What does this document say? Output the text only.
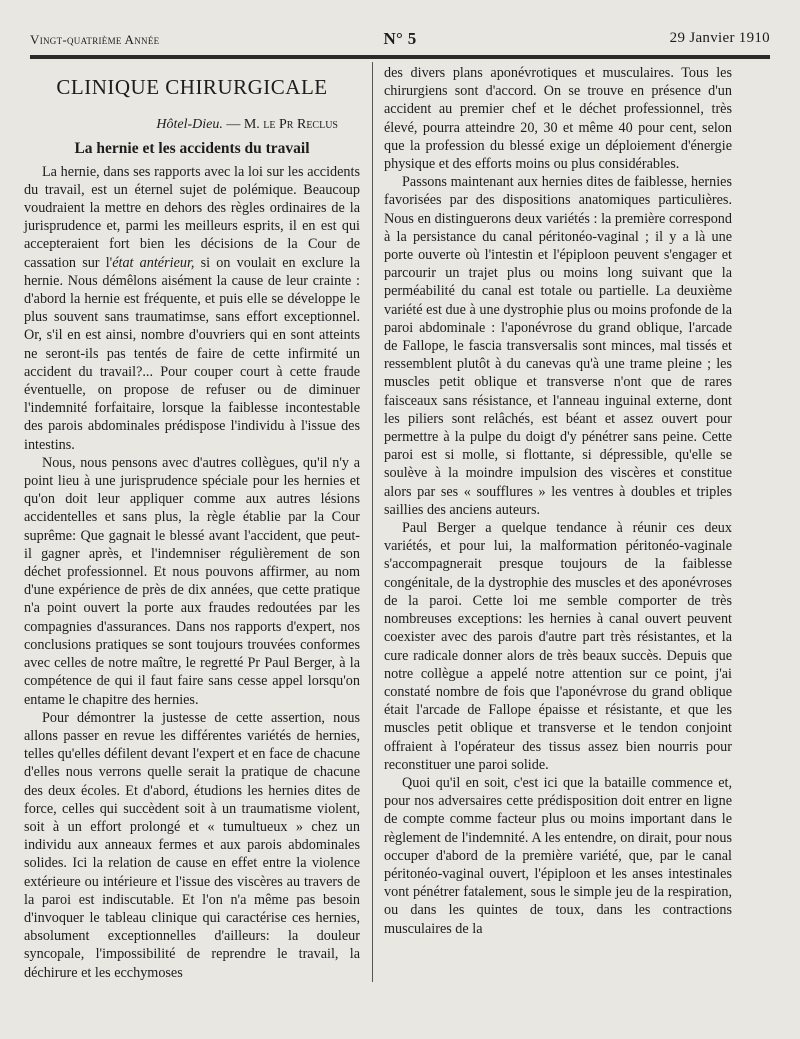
Vingt-quatrième Année	N° 5	29 Janvier 1910
CLINIQUE CHIRURGICALE
Hôtel-Dieu. — M. le Pr Reclus
La hernie et les accidents du travail

La hernie, dans ses rapports avec la loi sur les accidents du travail, est un éternel sujet de polémique. Beaucoup voudraient la mettre en dehors des règles ordinaires de la jurisprudence et, parmi les meilleurs esprits, il en est qui accepteraient fort bien les décisions de la Cour de cassation sur l'état antérieur, si on voulait en exclure la hernie. Nous démêlons aisément la cause de leur crainte : d'abord la hernie est fréquente, et puis elle se développe le plus souvent sans traumatimse, sans effort exceptionnel. Or, s'il en est ainsi, nombre d'ouvriers qui en sont atteints ne seront-ils pas tentés de faire de cette infirmité un accident du travail?... Pour couper court à cette fraude éventuelle, on propose de refuser ou de diminuer l'indemnité forfaitaire, lorsque la faiblesse incontestable des parois abdominales prédispose l'individu à l'issue des intestins.

Nous, nous pensons avec d'autres collègues, qu'il n'y a point lieu à une jurisprudence spéciale pour les hernies et qu'on doit leur appliquer comme aux autres lésions accidentelles et sans plus, la règle établie par la Cour suprême: Que gagnait le blessé avant l'accident, que peut-il gagner après, et l'indemniser régulièrement de son déchet professionnel. Et nous pouvons affirmer, au nom d'une expérience de près de dix années, que cette pratique n'a point ouvert la porte aux fraudes redoutées par les compagnies d'assurances. Dans nos rapports d'expert, nos conclusions pratiques se sont toujours trouvées conformes avec celles de notre maître, le regretté Pr Paul Berger, à la compétence de qui il faut faire sans cesse appel lorsqu'on entame le chapitre des hernies.

Pour démontrer la justesse de cette assertion, nous allons passer en revue les différentes variétés de hernies, telles qu'elles défilent devant l'expert et en face de chacune d'elles nous verrons quelle serait la pratique de chacune des deux écoles. Et d'abord, étudions les hernies dites de force, celles qui succèdent soit à un traumatisme violent, soit à un effort prolongé et « tumultueux » chez un individu aux anneaux fermes et aux parois abdominales solides. Ici la relation de cause en effet entre la violence extérieure ou intérieure et l'issue des viscères au travers de la paroi est indiscutable. Et l'on n'a même pas besoin d'invoquer le tableau clinique qui caractérise ces hernies, absolument exceptionnelles d'ailleurs: la douleur syncopale, l'impossibilité de reprendre le travail, la déchirure et les ecchymoses

des divers plans aponévrotiques et musculaires. Tous les chirurgiens sont d'accord. On se trouve en présence d'un accident au premier chef et le déchet professionnel, très élevé, pourra atteindre 20, 30 et même 40 pour cent, selon que la profession du blessé exige un déploiement d'énergie physique et des efforts moins ou plus considérables.

Passons maintenant aux hernies dites de faiblesse, hernies favorisées par des dispositions anatomiques particulières. Nous en distinguerons deux variétés : la première correspond à la persistance du canal péritonéo-vaginal ; il y a là une porte ouverte où l'intestin et l'épiploon peuvent s'engager et parcourir un trajet plus ou moins long suivant que la perméabilité du canal est totale ou partielle. La deuxième variété est due à une dystrophie plus ou moins profonde de la paroi abdominale : l'aponévrose du grand oblique, l'arcade de Fallope, le fascia transversalis sont minces, mal tissés et ressemblent plutôt à du canevas qu'à une trame pleine ; les muscles petit oblique et transverse n'ont que de rares faisceaux sans résistance, et l'anneau inguinal externe, dont les piliers sont relâchés, est béant et assez ouvert pour permettre à la pulpe du doigt d'y pénétrer sans peine. Cette paroi est si molle, si flottante, si dépressible, qu'elle se soulève à la moindre impulsion des viscères et constitue alors par ses « soufflures » les ventres à doubles et triples saillies des anciens auteurs.

Paul Berger a quelque tendance à réunir ces deux variétés, et pour lui, la malformation péritonéo-vaginale s'accompagnerait presque toujours de la faiblesse congénitale, de la dystrophie des muscles et des aponévroses de la paroi. Cette loi me semble comporter de très nombreuses exceptions: les hernies à canal ouvert peuvent coexister avec des parois d'autre part très résistantes, et la cure radicale donner alors de très beaux succès. Depuis que notre collègue a appelé notre attention sur ce point, j'ai constaté nombre de fois que l'aponévrose du grand oblique était l'arcade de Fallope épaisse et résistante, et que les muscles petit oblique et transverse et le tendon conjoint offraient à l'opérateur des tissus assez bien nourris pour reconstituer une paroi solide.

Quoi qu'il en soit, c'est ici que la bataille commence et, pour nos adversaires cette prédisposition doit entrer en ligne de compte comme facteur plus ou moins important dans le règlement de l'indemnité. A les entendre, on dirait, pour nous occuper d'abord de la première variété, que, par le canal péritonéo-vaginal ouvert, l'épiploon et les anses intestinales vont pénétrer fatalement, sous le simple jeu de la respiration, ou dans les quintes de toux, dans les contractions musculaires de la
